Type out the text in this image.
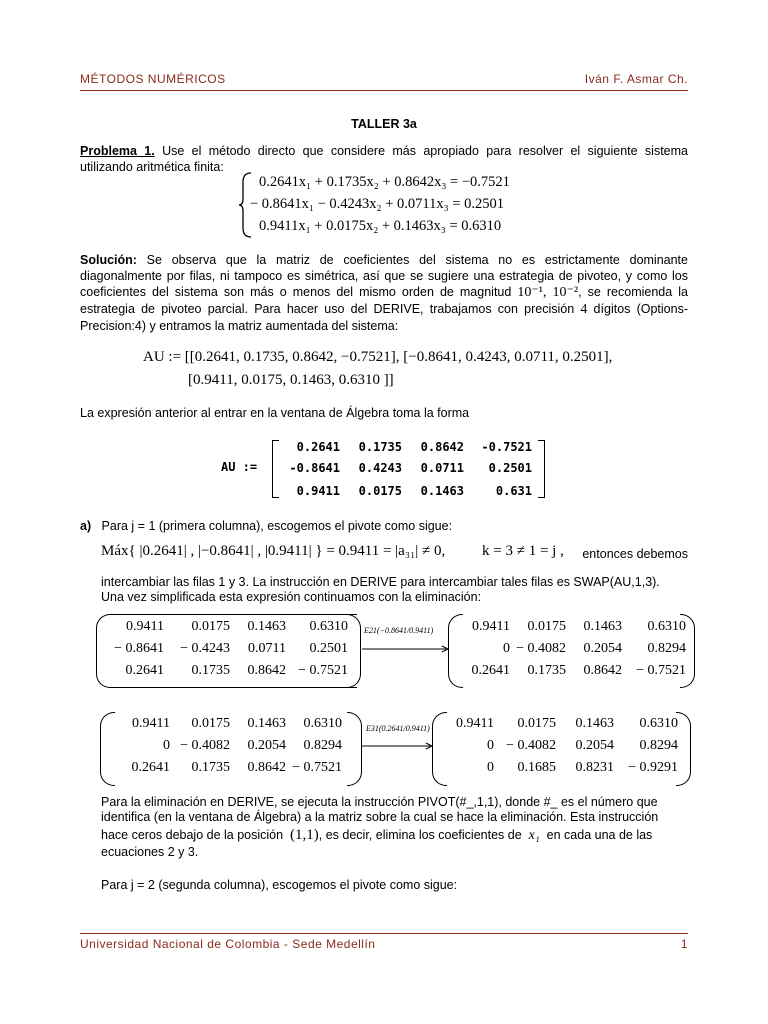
MÉTODOS NUMÉRICOS	Iván F. Asmar Ch.
TALLER 3a
Problema 1. Use el método directo que considere más apropiado para resolver el siguiente sistema utilizando aritmética finita:
0.2641x₁ + 0.1735x₂ + 0.8642x₃ = −0.7521
− 0.8641x₁ − 0.4243x₂ + 0.0711x₃ = 0.2501
0.9411x₁ + 0.0175x₂ + 0.1463x₃ = 0.6310
Solución: Se observa que la matriz de coeficientes del sistema no es estrictamente dominante diagonalmente por filas, ni tampoco es simétrica, así que se sugiere una estrategia de pivoteo, y como los coeficientes del sistema son más o menos del mismo orden de magnitud 10⁻¹, 10⁻², se recomienda la estrategia de pivoteo parcial. Para hacer uso del DERIVE, trabajamos con precisión 4 dígitos (Options-Precision:4) y entramos la matriz aumentada del sistema:
AU := [[0.2641, 0.1735, 0.8642, −0.7521], [−0.8641, 0.4243, 0.0711, 0.2501],
[0.9411, 0.0175, 0.1463, 0.6310 ]]
La expresión anterior al entrar en la ventana de Álgebra toma la forma
AU :=
0.2641	0.1735	0.8642	-0.7521
-0.8641	0.4243	0.0711	0.2501
0.9411	0.0175	0.1463	0.631
a) Para j = 1 (primera columna), escogemos el pivote como sigue:
Máx{ |0.2641| , |−0.8641| , |0.9411| } = 0.9411 = |a₃₁| ≠ 0, k = 3 ≠ 1 = j ,	entonces debemos
intercambiar las filas 1 y 3. La instrucción en DERIVE para intercambiar tales filas es SWAP(AU,1,3).
Una vez simplificada esta expresión continuamos con la eliminación:
E21(−0.8641/0.9411)
0.9411	0.0175	0.1463	0.6310
− 0.8641	− 0.4243	0.0711	0.2501
0.2641	0.1735	0.8642 − 0.7521
0.9411	0.0175	0.1463	0.6310
0 − 0.4082	0.2054	0.8294
0.2641	0.1735	0.8642	− 0.7521
E31(0.2641/0.9411)
0.9411	0.0175	0.1463	0.6310
0 − 0.4082	0.2054	0.8294
0.2641	0.1735	0.8642 − 0.7521
0.9411	0.0175	0.1463	0.6310
0 − 0.4082	0.2054	0.8294
0	0.1685	0.8231	− 0.9291
Para la eliminación en DERIVE, se ejecuta la instrucción PIVOT(#_,1,1), donde #_ es el número que
identifica (en la ventana de Álgebra) a la matriz sobre la cual se hace la eliminación. Esta instrucción
hace ceros debajo de la posición (1,1), es decir, elimina los coeficientes de x₁ en cada una de las
ecuaciones 2 y 3.
Para j = 2 (segunda columna), escogemos el pivote como sigue:
Universidad Nacional de Colombia - Sede Medellín	1
